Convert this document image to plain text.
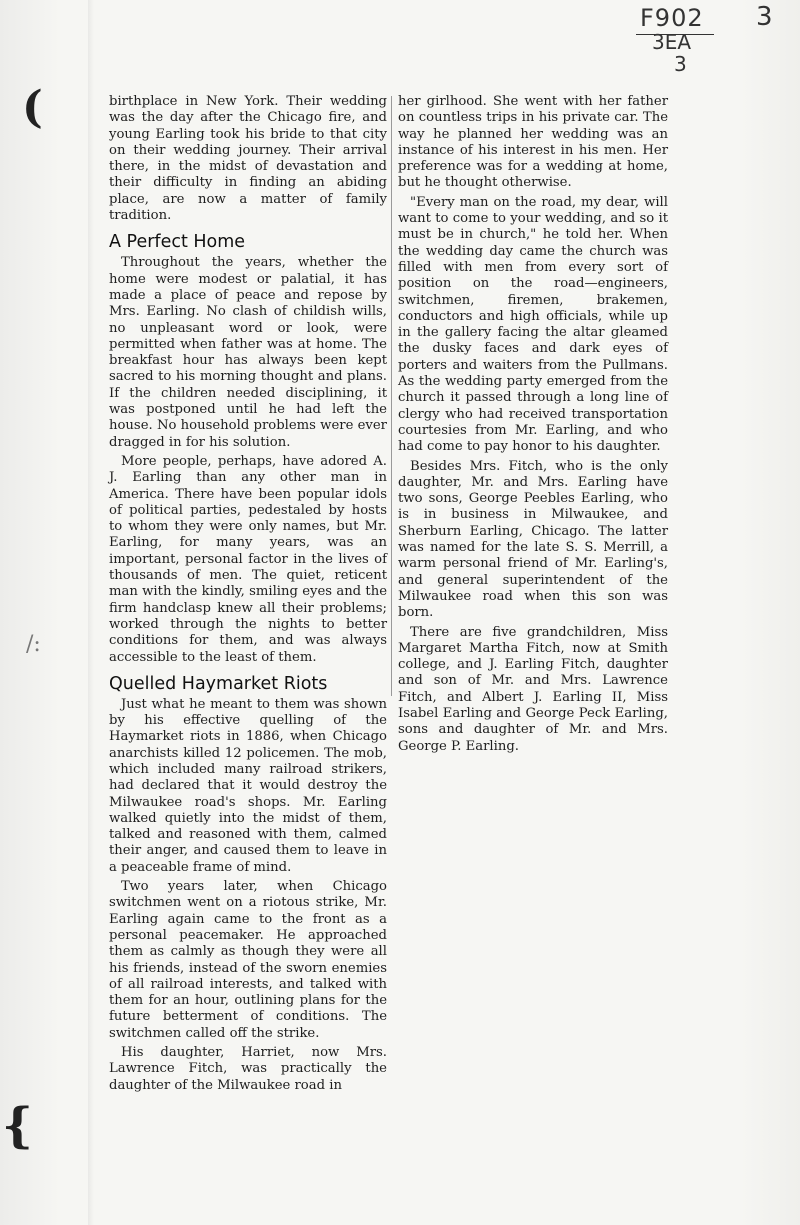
F902
3EA
3
3
(
/:
{

birthplace in New York. Their wedding was the day after the Chicago fire, and young Earling took his bride to that city on their wedding journey. Their arrival there, in the midst of devastation and their difficulty in finding an abiding place, are now a matter of family tradition.

A Perfect Home

Throughout the years, whether the home were modest or palatial, it has made a place of peace and repose by Mrs. Earling. No clash of childish wills, no unpleasant word or look, were permitted when father was at home. The breakfast hour has always been kept sacred to his morning thought and plans. If the children needed disciplining, it was postponed until he had left the house. No household problems were ever dragged in for his solution.

More people, perhaps, have adored A. J. Earling than any other man in America. There have been popular idols of political parties, pedestaled by hosts to whom they were only names, but Mr. Earling, for many years, was an important, personal factor in the lives of thousands of men. The quiet, reticent man with the kindly, smiling eyes and the firm handclasp knew all their problems; worked through the nights to better conditions for them, and was always accessible to the least of them.

Quelled Haymarket Riots

Just what he meant to them was shown by his effective quelling of the Haymarket riots in 1886, when Chicago anarchists killed 12 policemen. The mob, which included many railroad strikers, had declared that it would destroy the Milwaukee road's shops. Mr. Earling walked quietly into the midst of them, talked and reasoned with them, calmed their anger, and caused them to leave in a peaceable frame of mind.

Two years later, when Chicago switchmen went on a riotous strike, Mr. Earling again came to the front as a personal peacemaker. He approached them as calmly as though they were all his friends, instead of the sworn enemies of all railroad interests, and talked with them for an hour, outlining plans for the future betterment of conditions. The switchmen called off the strike.

His daughter, Harriet, now Mrs. Lawrence Fitch, was practically the daughter of the Milwaukee road in

her girlhood. She went with her father on countless trips in his private car. The way he planned her wedding was an instance of his interest in his men. Her preference was for a wedding at home, but he thought otherwise.

"Every man on the road, my dear, will want to come to your wedding, and so it must be in church," he told her. When the wedding day came the church was filled with men from every sort of position on the road—engineers, switchmen, firemen, brakemen, conductors and high officials, while up in the gallery facing the altar gleamed the dusky faces and dark eyes of porters and waiters from the Pullmans. As the wedding party emerged from the church it passed through a long line of clergy who had received transportation courtesies from Mr. Earling, and who had come to pay honor to his daughter.

Besides Mrs. Fitch, who is the only daughter, Mr. and Mrs. Earling have two sons, George Peebles Earling, who is in business in Milwaukee, and Sherburn Earling, Chicago. The latter was named for the late S. S. Merrill, a warm personal friend of Mr. Earling's, and general superintendent of the Milwaukee road when this son was born.

There are five grandchildren, Miss Margaret Martha Fitch, now at Smith college, and J. Earling Fitch, daughter and son of Mr. and Mrs. Lawrence Fitch, and Albert J. Earling II, Miss Isabel Earling and George Peck Earling, sons and daughter of Mr. and Mrs. George P. Earling.
